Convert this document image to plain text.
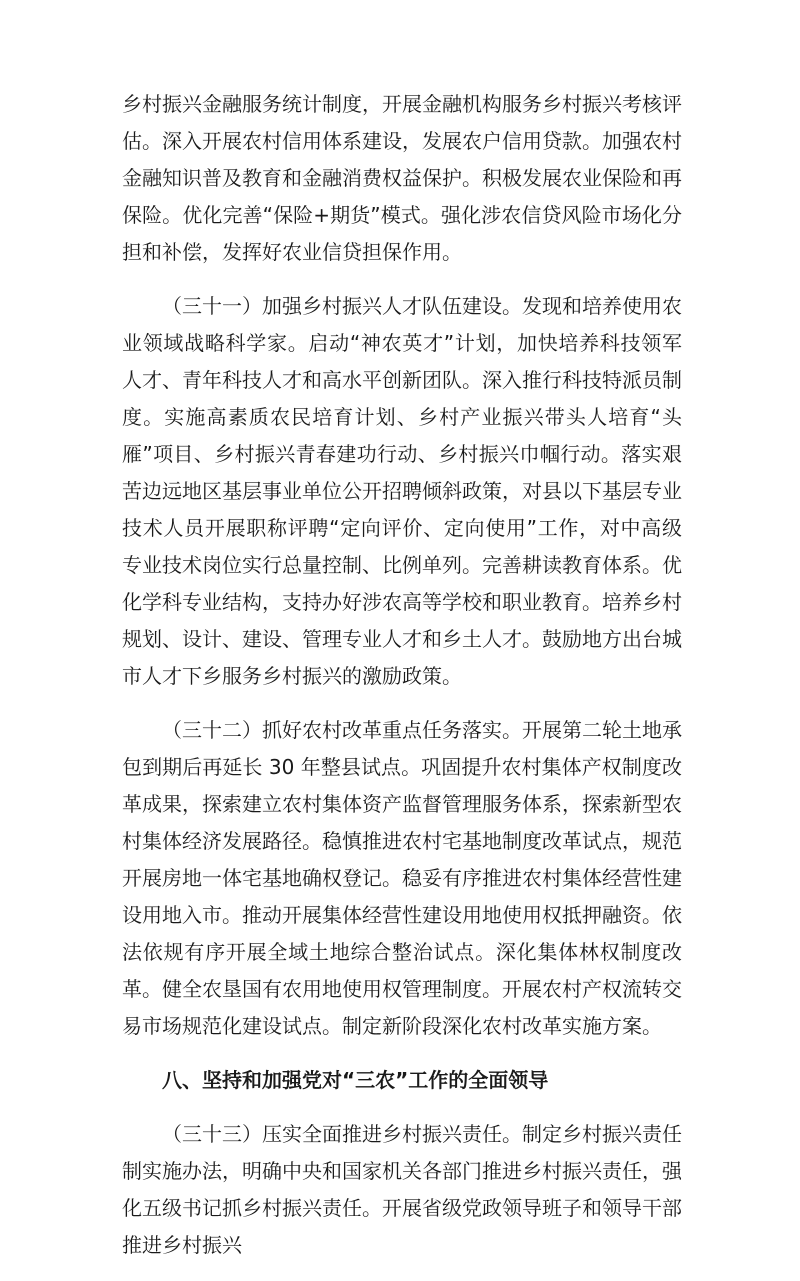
乡村振兴金融服务统计制度，开展金融机构服务乡村振兴考核评估。深入开展农村信用体系建设，发展农户信用贷款。加强农村金融知识普及教育和金融消费权益保护。积极发展农业保险和再保险。优化完善“保险+期货”模式。强化涉农信贷风险市场化分担和补偿，发挥好农业信贷担保作用。

（三十一）加强乡村振兴人才队伍建设。发现和培养使用农业领域战略科学家。启动“神农英才”计划，加快培养科技领军人才、青年科技人才和高水平创新团队。深入推行科技特派员制度。实施高素质农民培育计划、乡村产业振兴带头人培育“头雁”项目、乡村振兴青春建功行动、乡村振兴巾帼行动。落实艰苦边远地区基层事业单位公开招聘倾斜政策，对县以下基层专业技术人员开展职称评聘“定向评价、定向使用”工作，对中高级专业技术岗位实行总量控制、比例单列。完善耕读教育体系。优化学科专业结构，支持办好涉农高等学校和职业教育。培养乡村规划、设计、建设、管理专业人才和乡土人才。鼓励地方出台城市人才下乡服务乡村振兴的激励政策。

（三十二）抓好农村改革重点任务落实。开展第二轮土地承包到期后再延长 30 年整县试点。巩固提升农村集体产权制度改革成果，探索建立农村集体资产监督管理服务体系，探索新型农村集体经济发展路径。稳慎推进农村宅基地制度改革试点，规范开展房地一体宅基地确权登记。稳妥有序推进农村集体经营性建设用地入市。推动开展集体经营性建设用地使用权抵押融资。依法依规有序开展全域土地综合整治试点。深化集体林权制度改革。健全农垦国有农用地使用权管理制度。开展农村产权流转交易市场规范化建设试点。制定新阶段深化农村改革实施方案。

八、坚持和加强党对“三农”工作的全面领导

（三十三）压实全面推进乡村振兴责任。制定乡村振兴责任制实施办法，明确中央和国家机关各部门推进乡村振兴责任，强化五级书记抓乡村振兴责任。开展省级党政领导班子和领导干部推进乡村振兴
